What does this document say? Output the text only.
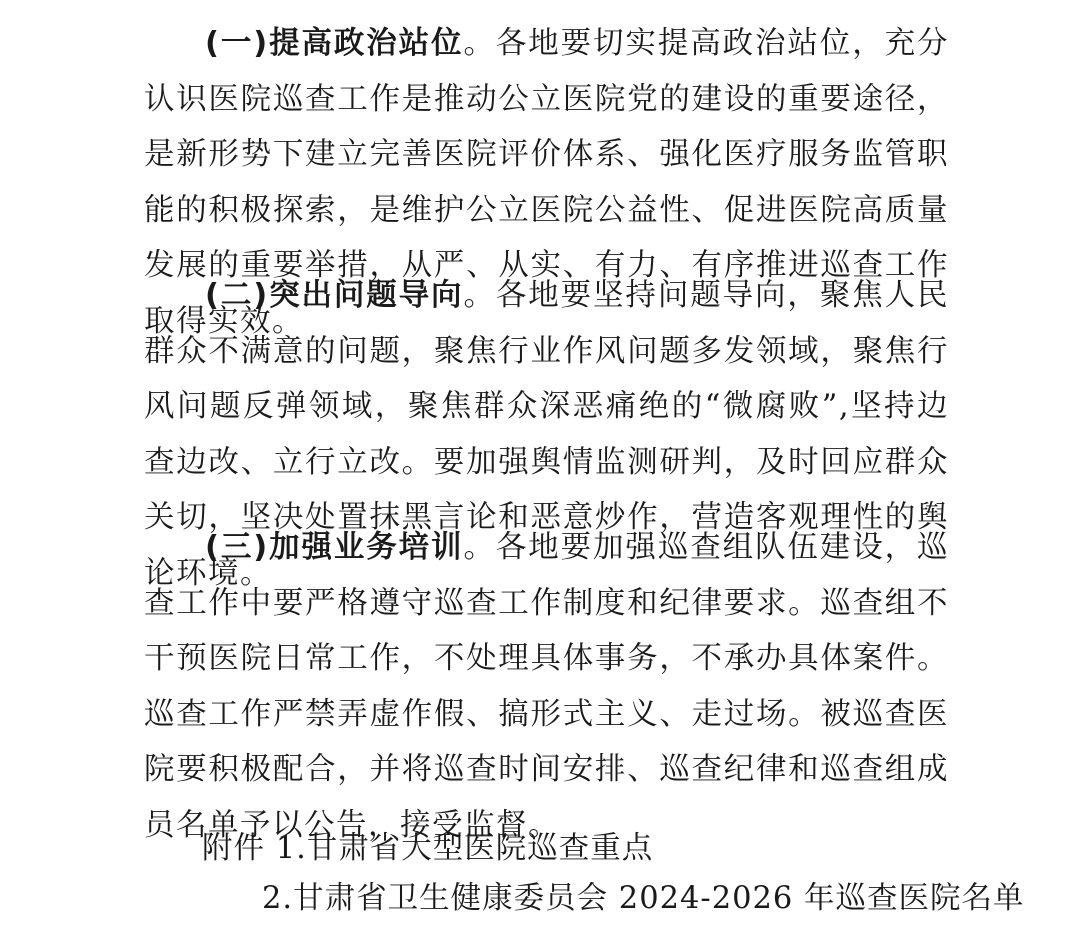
(一)提高政治站位。各地要切实提高政治站位，充分认识医院巡查工作是推动公立医院党的建设的重要途径，是新形势下建立完善医院评价体系、强化医疗服务监管职能的积极探索，是维护公立医院公益性、促进医院高质量发展的重要举措，从严、从实、有力、有序推进巡查工作取得实效。

(二)突出问题导向。各地要坚持问题导向，聚焦人民群众不满意的问题，聚焦行业作风问题多发领域，聚焦行风问题反弹领域，聚焦群众深恶痛绝的“微腐败”,坚持边查边改、立行立改。要加强舆情监测研判，及时回应群众关切，坚决处置抹黑言论和恶意炒作，营造客观理性的舆论环境。

(三)加强业务培训。各地要加强巡查组队伍建设，巡查工作中要严格遵守巡查工作制度和纪律要求。巡查组不干预医院日常工作，不处理具体事务，不承办具体案件。巡查工作严禁弄虚作假、搞形式主义、走过场。被巡查医院要积极配合，并将巡查时间安排、巡查纪律和巡查组成员名单予以公告，接受监督。

附件 1.甘肃省大型医院巡查重点
2.甘肃省卫生健康委员会 2024-2026 年巡查医院名单
